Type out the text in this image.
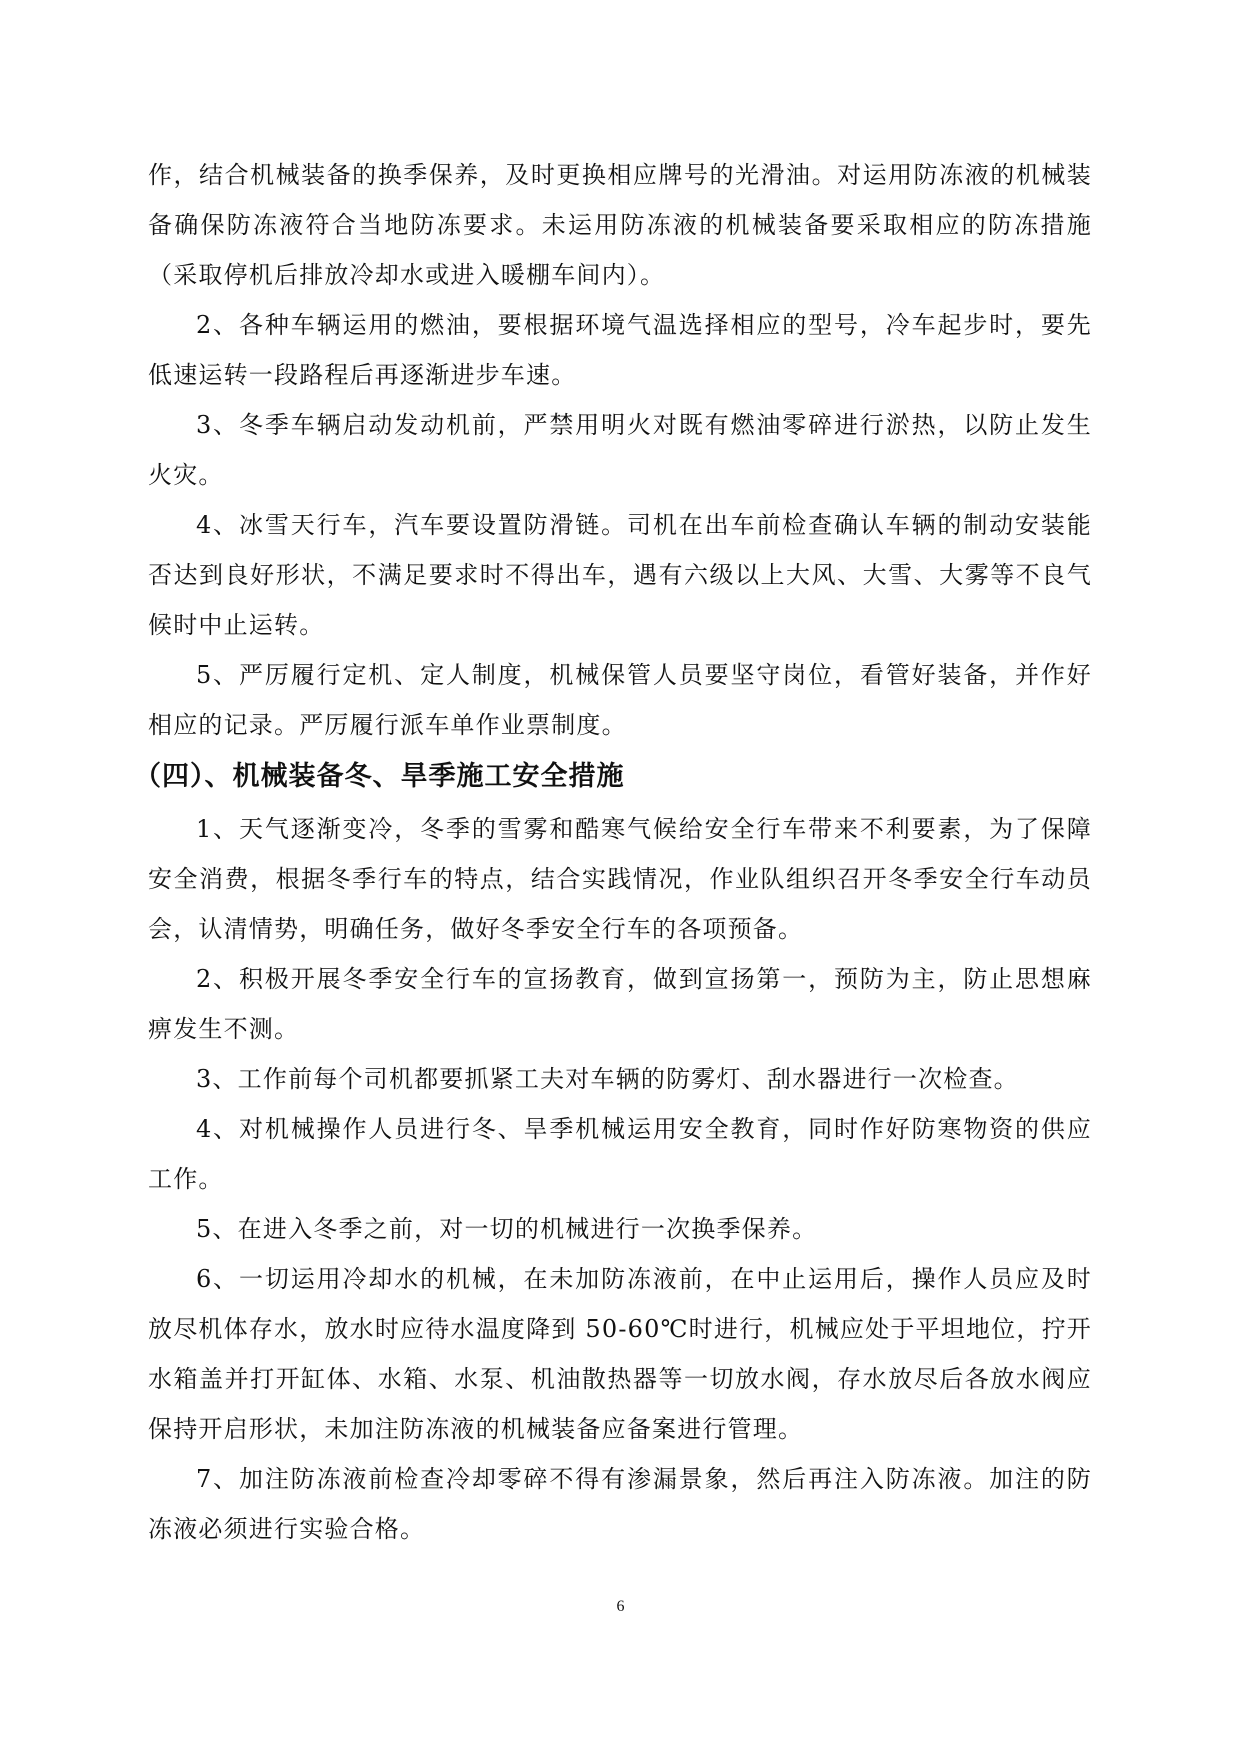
作，结合机械装备的换季保养，及时更换相应牌号的光滑油。对运用防冻液的机械装备确保防冻液符合当地防冻要求。未运用防冻液的机械装备要采取相应的防冻措施（采取停机后排放冷却水或进入暖棚车间内）。

2、各种车辆运用的燃油，要根据环境气温选择相应的型号，冷车起步时，要先低速运转一段路程后再逐渐进步车速。

3、冬季车辆启动发动机前，严禁用明火对既有燃油零碎进行淤热，以防止发生火灾。

4、冰雪天行车，汽车要设置防滑链。司机在出车前检查确认车辆的制动安装能否达到良好形状，不满足要求时不得出车，遇有六级以上大风、大雪、大雾等不良气候时中止运转。

5、严厉履行定机、定人制度，机械保管人员要坚守岗位，看管好装备，并作好相应的记录。严厉履行派车单作业票制度。

（四）、机械装备冬、旱季施工安全措施

1、天气逐渐变冷，冬季的雪雾和酷寒气候给安全行车带来不利要素，为了保障安全消费，根据冬季行车的特点，结合实践情况，作业队组织召开冬季安全行车动员会，认清情势，明确任务，做好冬季安全行车的各项预备。

2、积极开展冬季安全行车的宣扬教育，做到宣扬第一，预防为主，防止思想麻痹发生不测。

3、工作前每个司机都要抓紧工夫对车辆的防雾灯、刮水器进行一次检查。

4、对机械操作人员进行冬、旱季机械运用安全教育，同时作好防寒物资的供应工作。

5、在进入冬季之前，对一切的机械进行一次换季保养。

6、一切运用冷却水的机械，在未加防冻液前，在中止运用后，操作人员应及时放尽机体存水，放水时应待水温度降到 50-60℃时进行，机械应处于平坦地位，拧开水箱盖并打开缸体、水箱、水泵、机油散热器等一切放水阀，存水放尽后各放水阀应保持开启形状，未加注防冻液的机械装备应备案进行管理。

7、加注防冻液前检查冷却零碎不得有渗漏景象，然后再注入防冻液。加注的防冻液必须进行实验合格。

6
